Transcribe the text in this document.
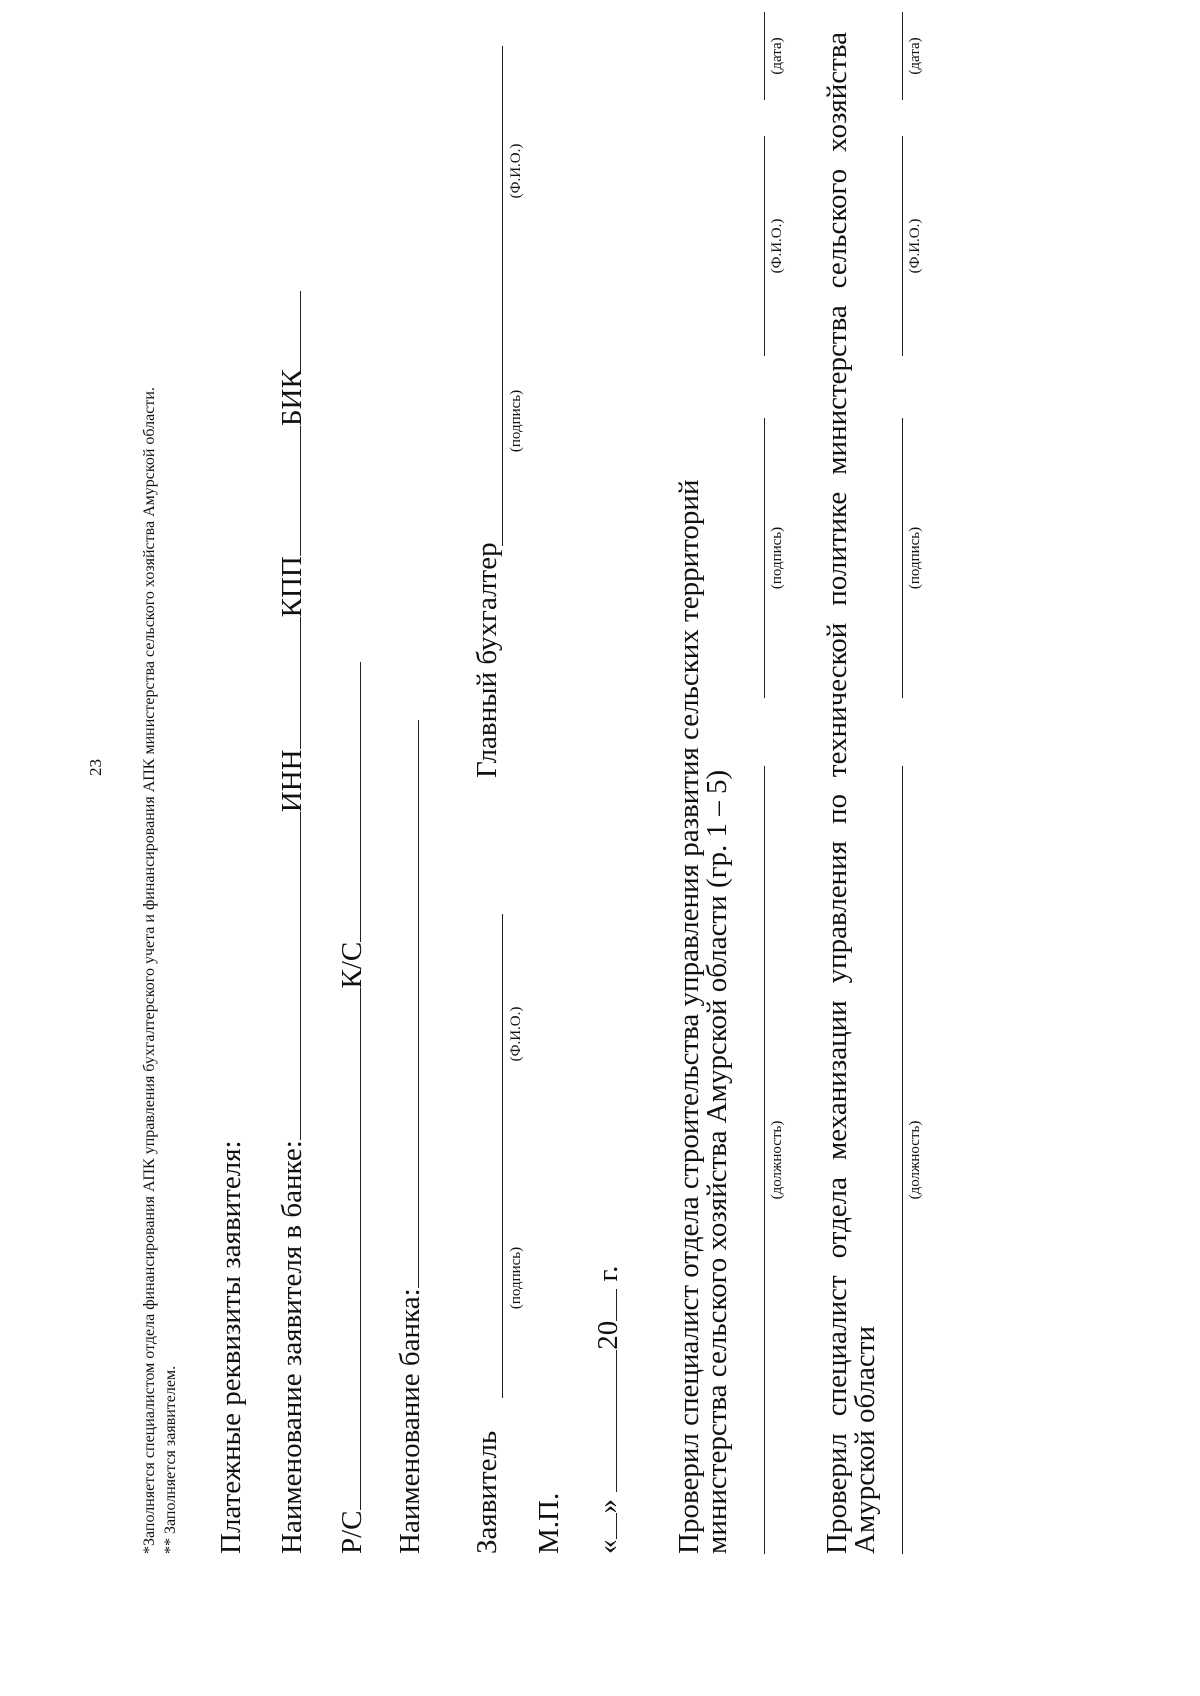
23 *Заполняется специалистом отдела финансирования АПК управления бухгалтерского учета и финансирования АПК министерства сельского хозяйства Амурской области. ** Заполняется заявителем. Платежные реквизиты заявителя: Наименование заявителя в банке:ИННКППБИК
Р/СК/С
Наименование банка: Заявитель
(подпись)
(Ф.И.О.)
Главный бухгалтер
(подпись)
(Ф.И.О.)
М.П. «» 20 г. Проверил специалист отдела строительства управления развития сельских территорий
министерства сельского хозяйства Амурской области (гр. 1 – 5) (должность)
(подпись)
(Ф.И.О.)
(дата) Проверил специалист отдела механизации управления по технической политике министерства сельского хозяйства
Амурской области
(должность)
(подпись)
(Ф.И.О.)
(дата)
